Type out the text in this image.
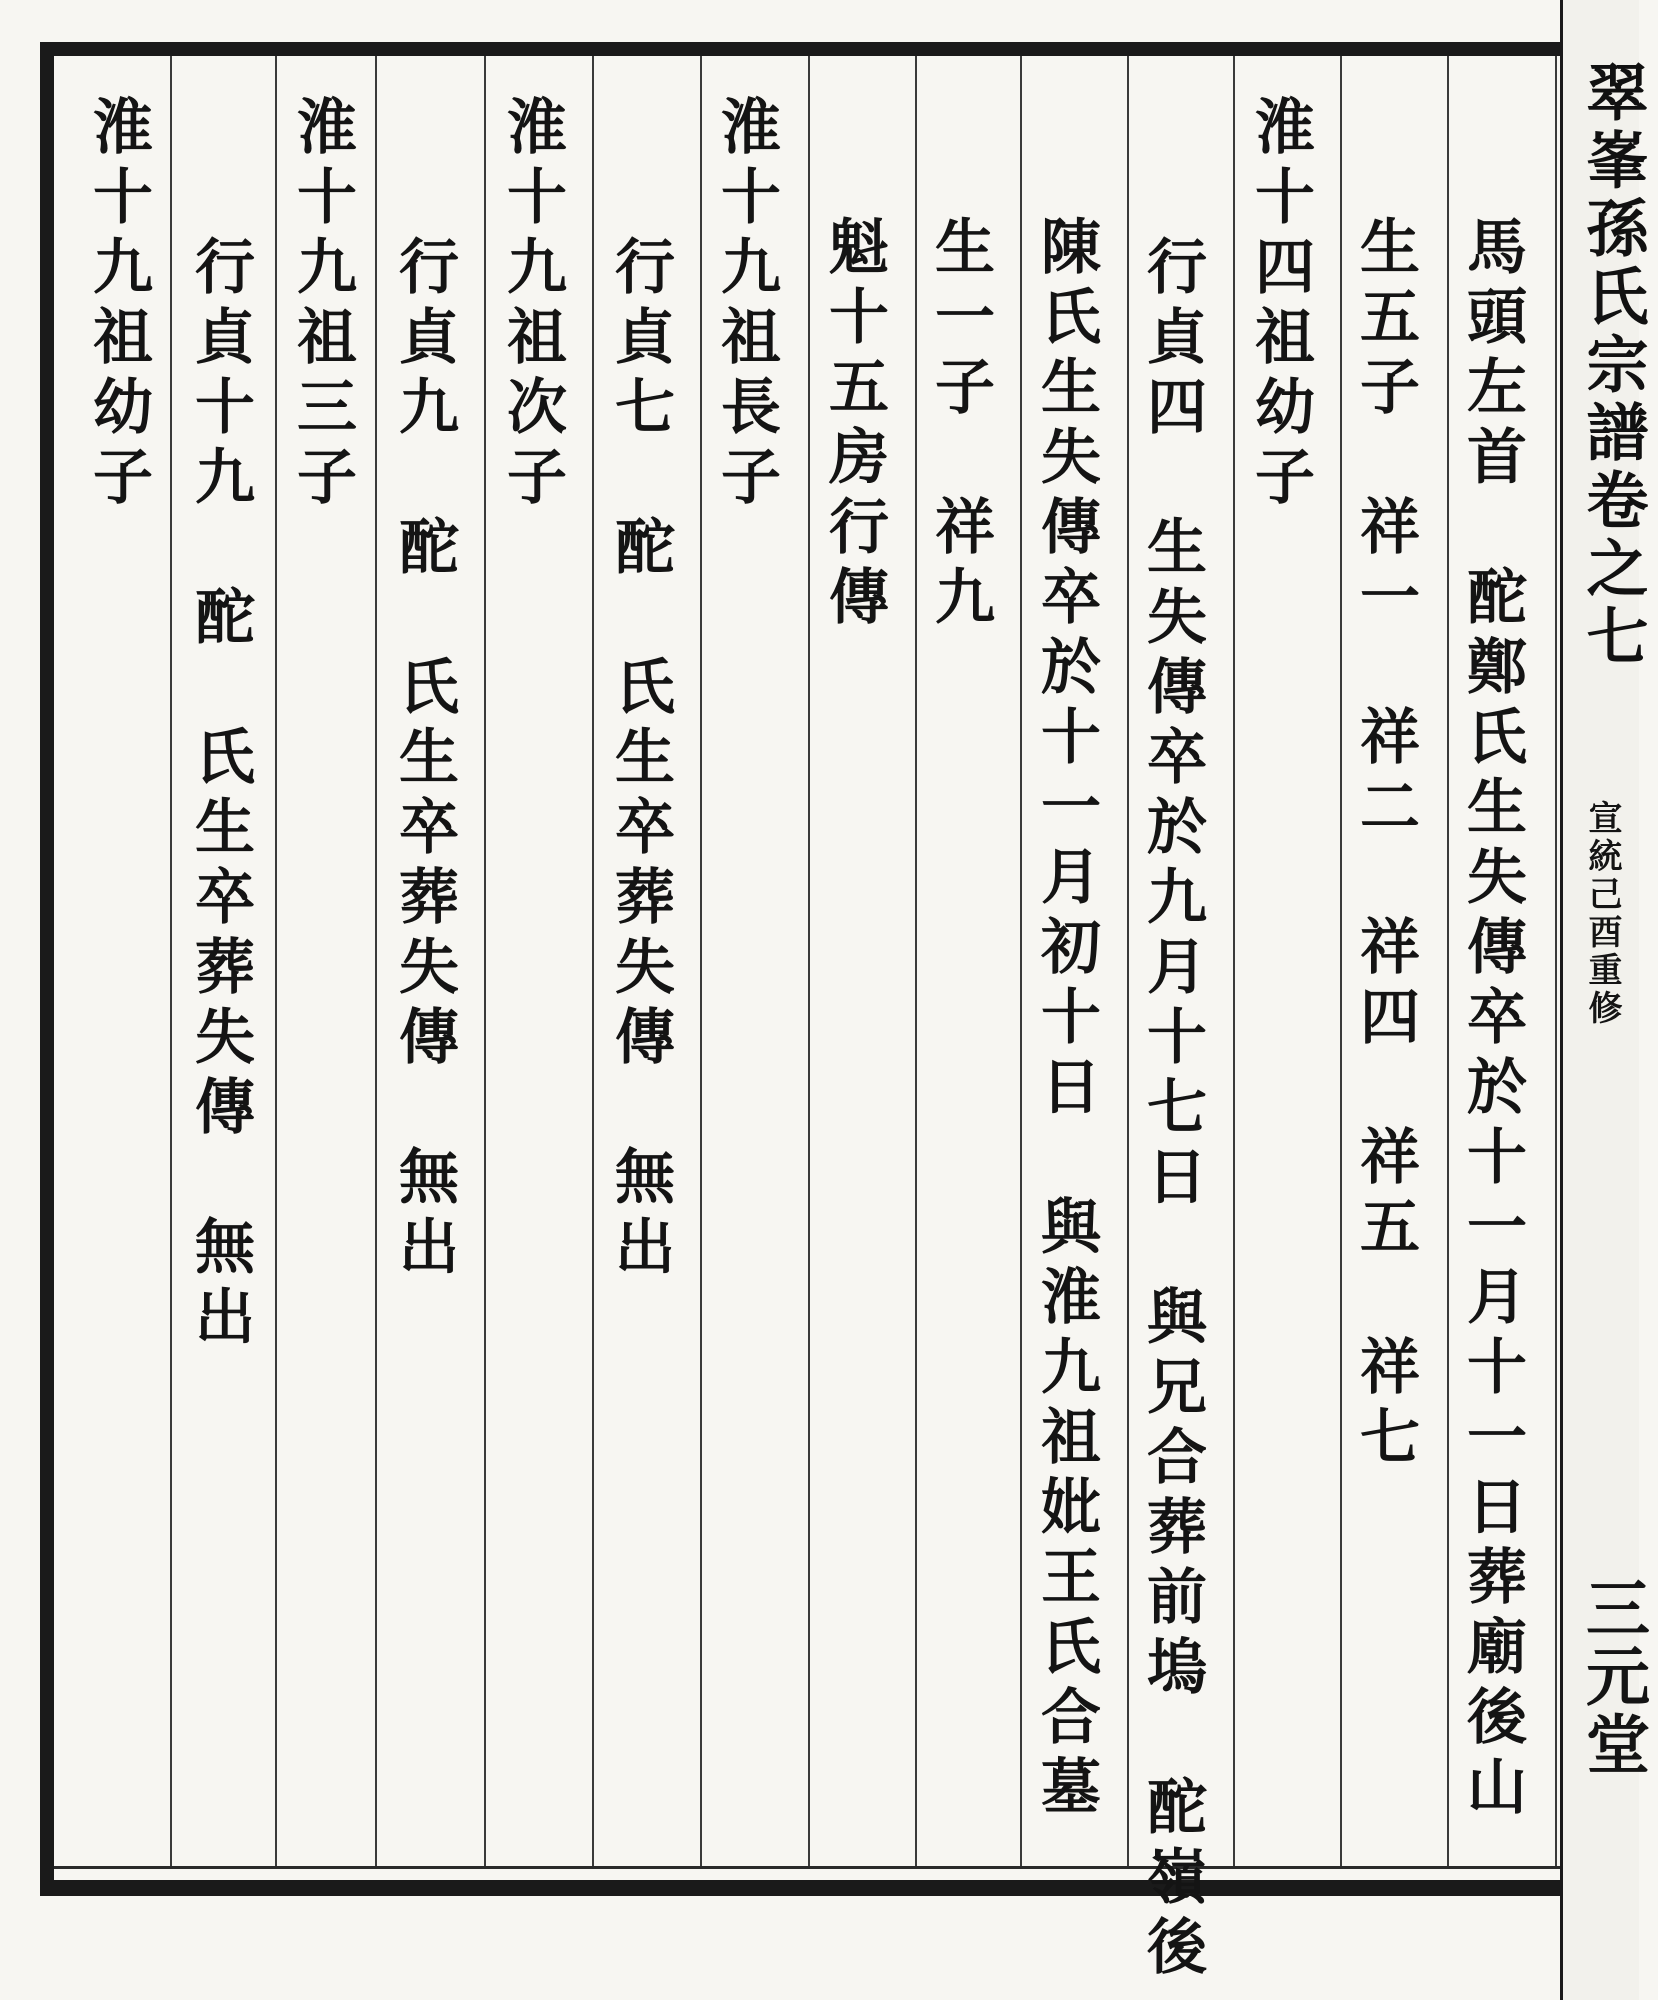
翠峯孫氏宗譜卷之七
宣統己酉重修
三元堂
馬頭左首　酡鄭氏生失傳卒於十一月十一日葬廟後山
生五子　祥一　祥二　祥四　祥五　祥七
淮十四祖幼子
行貞四　生失傳卒於九月十七日　與兄合葬前塢　酡嶺後
陳氏生失傳卒於十一月初十日　與淮九祖妣王氏合墓
生一子　祥九
魁十五房行傳
淮十九祖長子
行貞七　酡　氏生卒葬失傳　無出
淮十九祖次子
行貞九　酡　氏生卒葬失傳　無出
淮十九祖三子
行貞十九　酡　氏生卒葬失傳　無出
淮十九祖幼子
